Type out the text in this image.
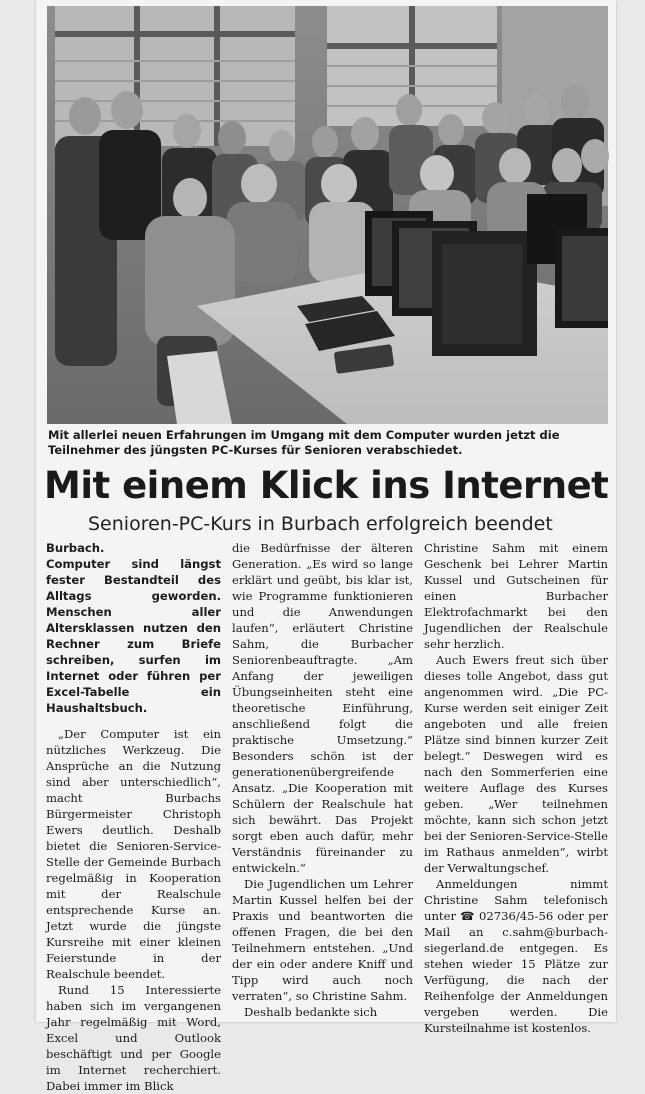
Mit allerlei neuen Erfahrungen im Umgang mit dem Computer wurden jetzt die Teilnehmer des jüngsten PC-Kurses für Senioren verabschiedet.
Mit einem Klick ins Internet
Senioren-PC-Kurs in Burbach erfolgreich beendet

Burbach.

Computer sind längst fester Bestandteil des Alltags geworden. Menschen aller Altersklassen nutzen den Rechner zum Briefe schreiben, surfen im Internet oder führen per Excel-Tabelle ein Haushaltsbuch.

„Der Computer ist ein nützliches Werkzeug. Die Ansprüche an die Nutzung sind aber unterschiedlich“, macht Burbachs Bürgermeister Christoph Ewers deutlich. Deshalb bietet die Senioren-Service-Stelle der Gemeinde Burbach regelmäßig in Kooperation mit der Realschule entsprechende Kurse an. Jetzt wurde die jüngste Kursreihe mit einer kleinen Feierstunde in der Realschule beendet.

Rund 15 Interessierte haben sich im vergangenen Jahr regelmäßig mit Word, Excel und Outlook beschäftigt und per Google im Internet recherchiert. Dabei immer im Blick

die Bedürfnisse der älteren Generation. „Es wird so lange erklärt und geübt, bis klar ist, wie Programme funktionieren und die Anwendungen laufen“, erläutert Christine Sahm, die Burbacher Seniorenbeauftragte. „Am Anfang der jeweiligen Übungseinheiten steht eine theoretische Einführung, anschließend folgt die praktische Umsetzung.“ Besonders schön ist der generationenübergreifende Ansatz. „Die Kooperation mit Schülern der Realschule hat sich bewährt. Das Projekt sorgt eben auch dafür, mehr Verständnis füreinander zu entwickeln.“

Die Jugendlichen um Lehrer Martin Kussel helfen bei der Praxis und beantworten die offenen Fragen, die bei den Teilnehmern entstehen. „Und der ein oder andere Kniff und Tipp wird auch noch verraten“, so Christine Sahm.

Deshalb bedankte sich

Christine Sahm mit einem Geschenk bei Lehrer Martin Kussel und Gutscheinen für einen Burbacher Elektrofachmarkt bei den Jugendlichen der Realschule sehr herzlich.

Auch Ewers freut sich über dieses tolle Angebot, dass gut angenommen wird. „Die PC-Kurse werden seit einiger Zeit angeboten und alle freien Plätze sind binnen kurzer Zeit belegt.“ Deswegen wird es nach den Sommerferien eine weitere Auflage des Kurses geben. „Wer teilnehmen möchte, kann sich schon jetzt bei der Senioren-Service-Stelle im Rathaus anmelden“, wirbt der Verwaltungschef.

Anmeldungen nimmt Christine Sahm telefonisch unter ☎ 02736/45-56 oder per Mail an c.sahm@burbach-siegerland.de entgegen. Es stehen wieder 15 Plätze zur Verfügung, die nach der Reihenfolge der Anmeldungen vergeben werden. Die Kursteilnahme ist kostenlos.
